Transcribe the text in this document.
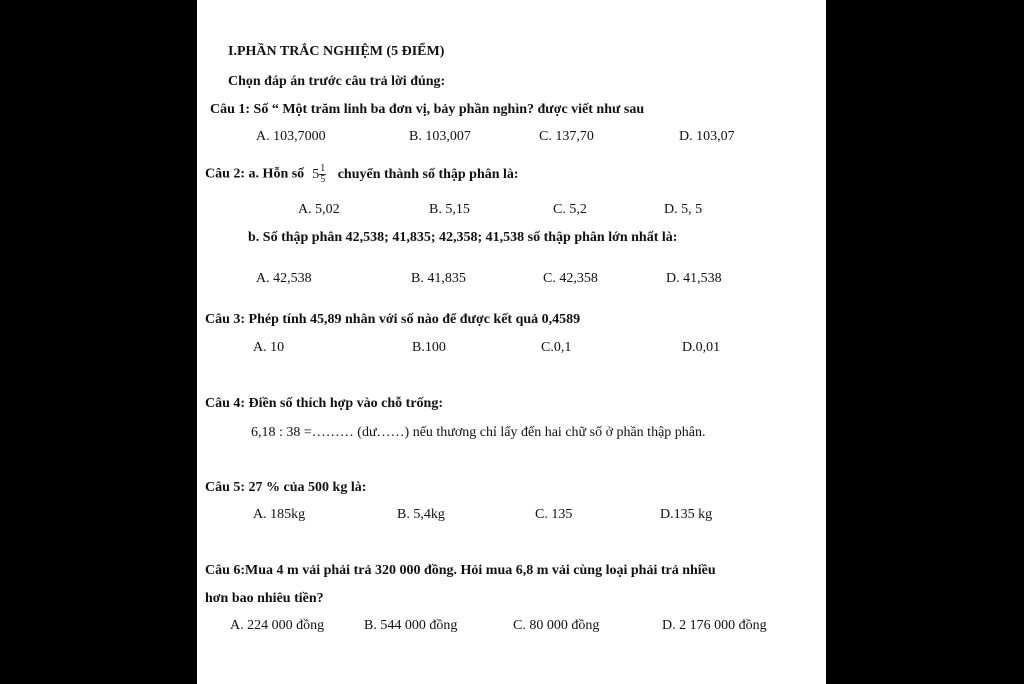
I.PHẦN TRẮC NGHIỆM (5 ĐIỂM)
Chọn đáp án trước câu trả lời đúng:
Câu 1: Số “ Một trăm linh ba đơn vị, bảy phần nghìn? được viết như sau
A. 103,7000	B. 103,007	C. 137,70	D. 103,07
Câu 2: a. Hỗn số $5 \frac{1}{5}$ chuyển thành số thập phân là:
A. 5,02	B. 5,15	C. 5,2	D. 5, 5
b. Số thập phân 42,538; 41,835; 42,358; 41,538 số thập phân lớn nhất là:
A. 42,538	B. 41,835	C. 42,358	D. 41,538
Câu 3: Phép tính 45,89 nhân với số nào để được kết quả 0,4589
A. 10	B.100	C.0,1	D.0,01
Câu 4: Điền số thích hợp vào chỗ trống:
6,18 : 38 =……… (dư……) nếu thương chỉ lấy đến hai chữ số ở phần thập phân.
Câu 5: 27 % của 500 kg là:
A. 185kg	B. 5,4kg	C. 135	D.135 kg
Câu 6:Mua 4 m vải phải trả 320 000 đồng. Hỏi mua 6,8 m vải cùng loại phải trả nhiều
hơn bao nhiêu tiền?
A. 224 000 đồng	B. 544 000 đồng	C. 80 000 đồng	D. 2 176 000 đồng
